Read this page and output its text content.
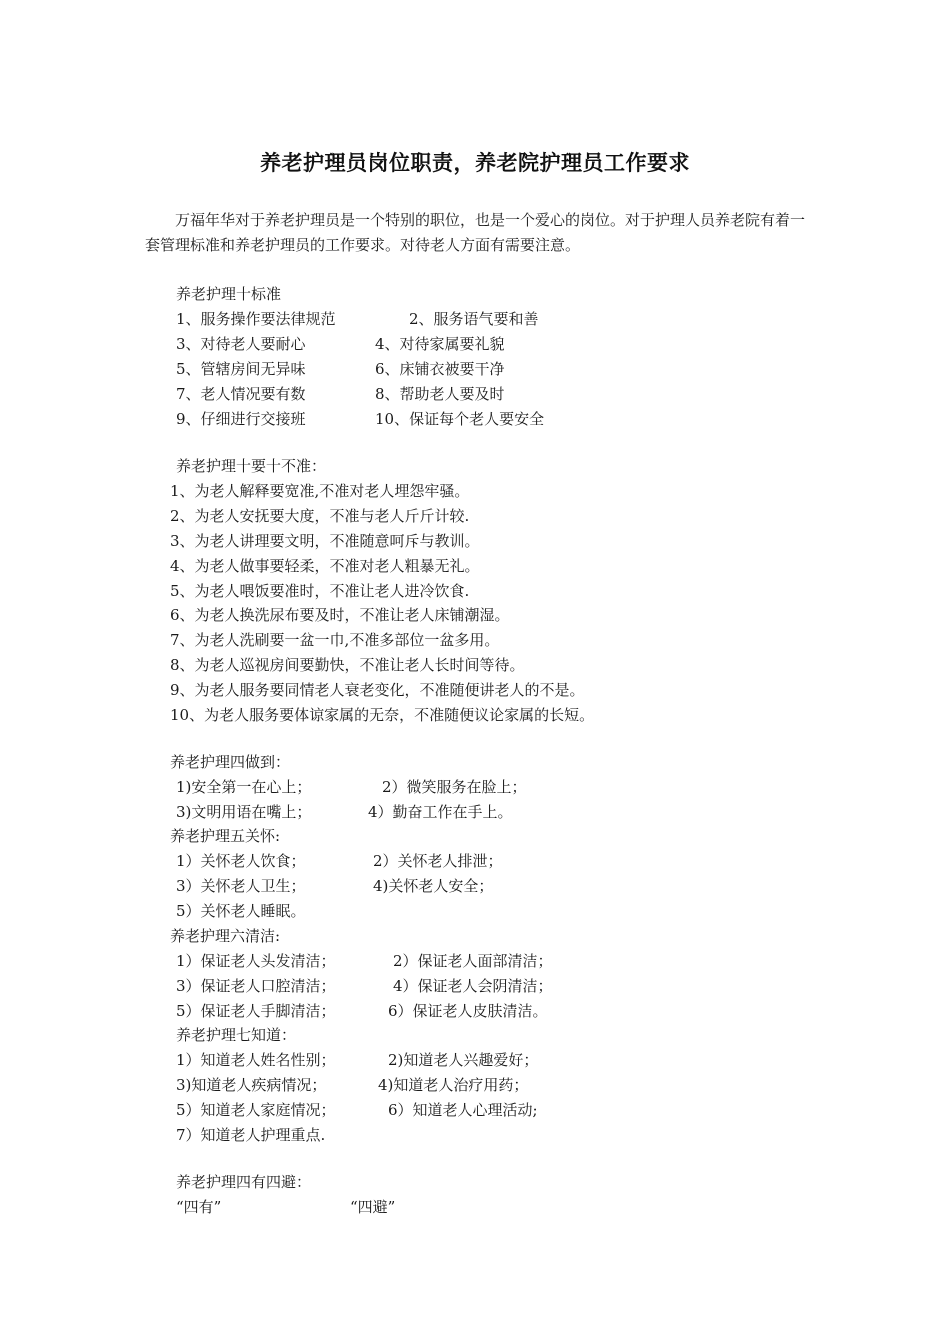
养老护理员岗位职责，养老院护理员工作要求
万福年华对于养老护理员是一个特别的职位，也是一个爱心的岗位。对于护理人员养老院有着一套管理标准和养老护理员的工作要求。对待老人方面有需要注意。
养老护理十标准
1、服务操作要法律规范	2、服务语气要和善
3、对待老人要耐心	4、对待家属要礼貌
5、管辖房间无异味	6、床铺衣被要干净
7、老人情况要有数	8、帮助老人要及时
9、仔细进行交接班	10、保证每个老人要安全
养老护理十要十不准：
1、为老人解释要宽准,不准对老人埋怨牢骚。
2、为老人安抚要大度，不准与老人斤斤计较.
3、为老人讲理要文明，不准随意呵斥与教训。
4、为老人做事要轻柔，不准对老人粗暴无礼。
5、为老人喂饭要准时，不准让老人进冷饮食.
6、为老人换洗尿布要及时，不准让老人床铺潮湿。
7、为老人洗刷要一盆一巾,不准多部位一盆多用。
8、为老人巡视房间要勤快，不准让老人长时间等待。
9、为老人服务要同情老人衰老变化，不准随便讲老人的不是。
10、为老人服务要体谅家属的无奈，不准随便议论家属的长短。
养老护理四做到：
1)安全第一在心上；	2）微笑服务在脸上；
3)文明用语在嘴上；	4）勤奋工作在手上。
养老护理五关怀:
1）关怀老人饮食；	2）关怀老人排泄；
3）关怀老人卫生；	4)关怀老人安全；
5）关怀老人睡眠。
养老护理六清洁:
1）保证老人头发清洁；	2）保证老人面部清洁；
3）保证老人口腔清洁；	4）保证老人会阴清洁；
5）保证老人手脚清洁；	6）保证老人皮肤清洁。
养老护理七知道：
1）知道老人姓名性别；	2)知道老人兴趣爱好；
3)知道老人疾病情况；	4)知道老人治疗用药；
5）知道老人家庭情况；	6）知道老人心理活动;
7）知道老人护理重点.
养老护理四有四避：
“四有”	“四避”
